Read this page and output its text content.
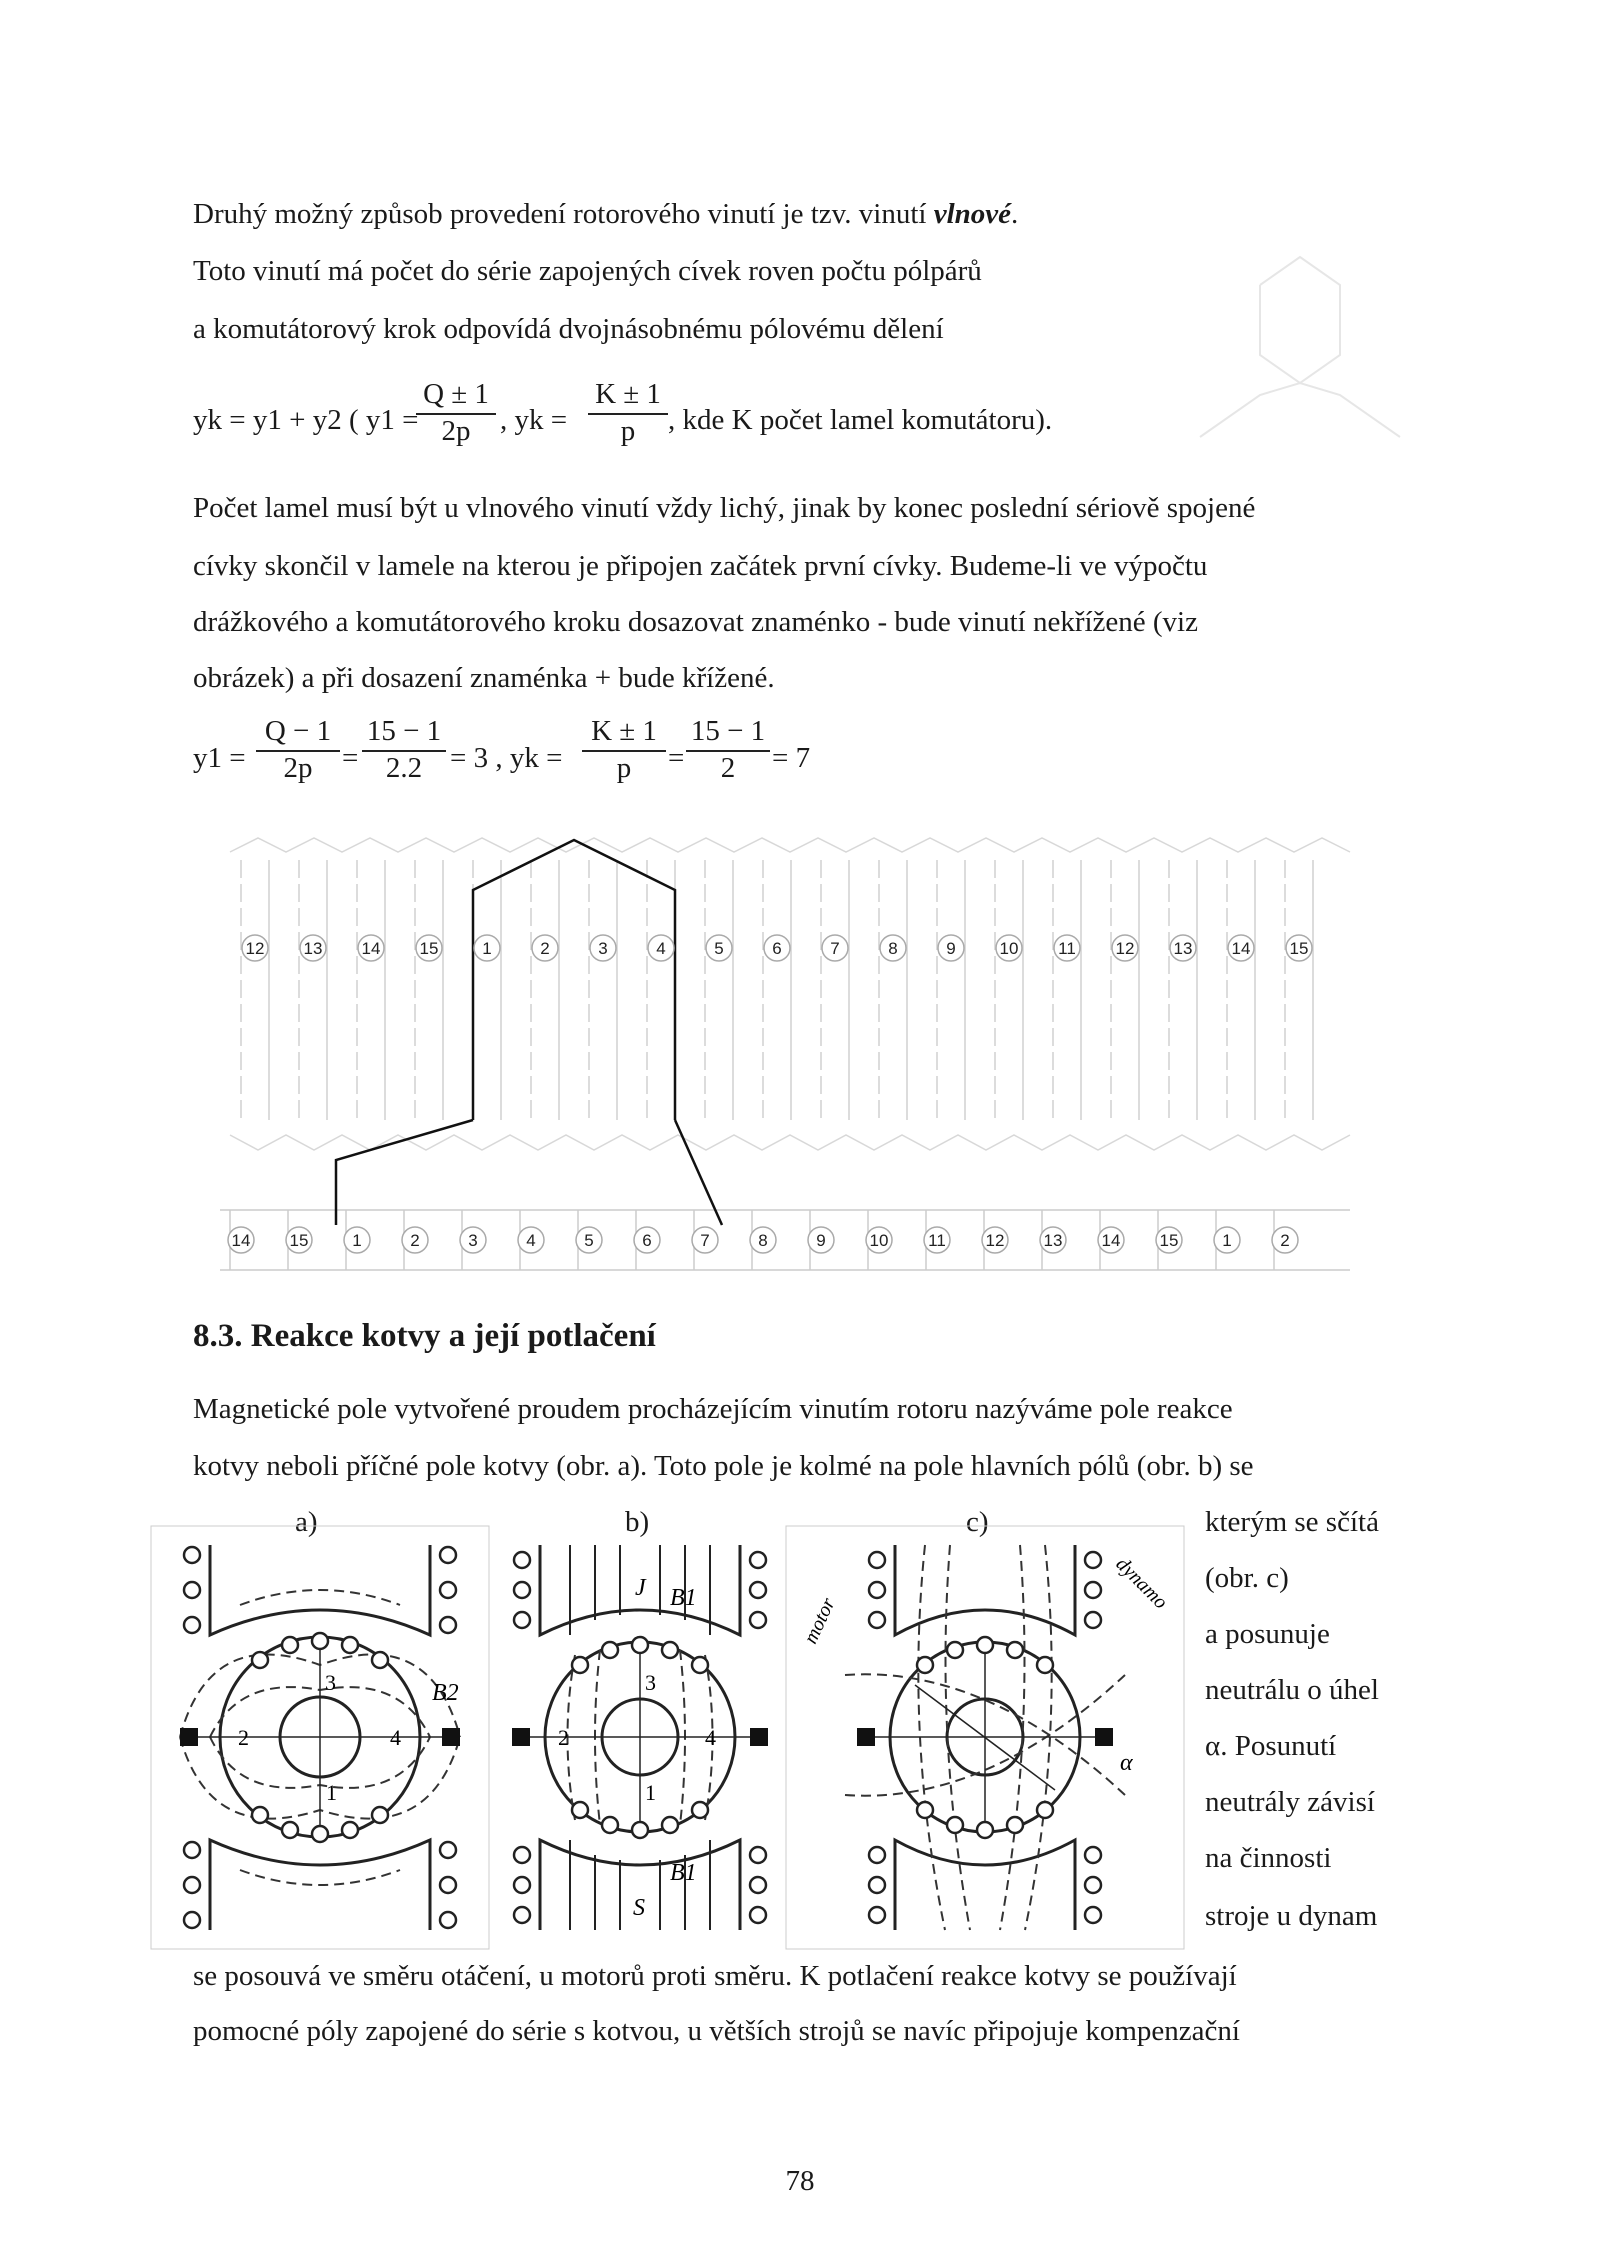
Druhý možný způsob provedení rotorového vinutí je tzv. vinutí vlnové.
Toto vinutí má počet do série zapojených cívek roven počtu pólpárů
a komutátorový krok odpovídá dvojnásobnému pólovému dělení
yk = y1 + y2 ( y1 =
$\frac{Q \pm 1}{2p}$ , yk = $\frac{K \pm 1}{p}$ , kde K počet lamel komutátoru).
Počet lamel musí být u vlnového vinutí vždy lichý, jinak by konec poslední sériově spojené
cívky skončil v lamele na kterou je připojen začátek první cívky. Budeme-li ve výpočtu
drážkového a komutátorového kroku dosazovat znaménko - bude vinutí nekřížené (viz
obrázek) a při dosazení znaménka + bude křížené.
$y1 = \frac{Q - 1}{2p} = \frac{15 - 1}{2.2} = 3$ , yk = $\frac{K \pm 1}{p} = \frac{15 - 1}{2} = 7$
12 13 14 15	1	2	3	4	5	6	7	8	9	10 11 12 13 14 15
14 15	1	2	3	4	5	6	7	8	9	10 11 12 13 14 15	1	2
8.3. Reakce kotvy a její potlačení
Magnetické pole vytvořené proudem procházejícím vinutím rotoru nazýváme pole reakce
kotvy neboli příčné pole kotvy (obr. a). Toto pole je kolmé na pole hlavních pólů (obr. b) se
a)	b)	c)
3
2	4
1
B2	3
2	4
1
B1
B1
J
S
motor
dynamo
α
kterým se sčítá
(obr. c)
a posunuje
neutrálu o úhel
α. Posunutí
neutrály závisí
na činnosti
stroje u dynam
se posouvá ve směru otáčení, u motorů proti směru. K potlačení reakce kotvy se používají
pomocné póly zapojené do série s kotvou, u větších strojů se navíc připojuje kompenzační
78
